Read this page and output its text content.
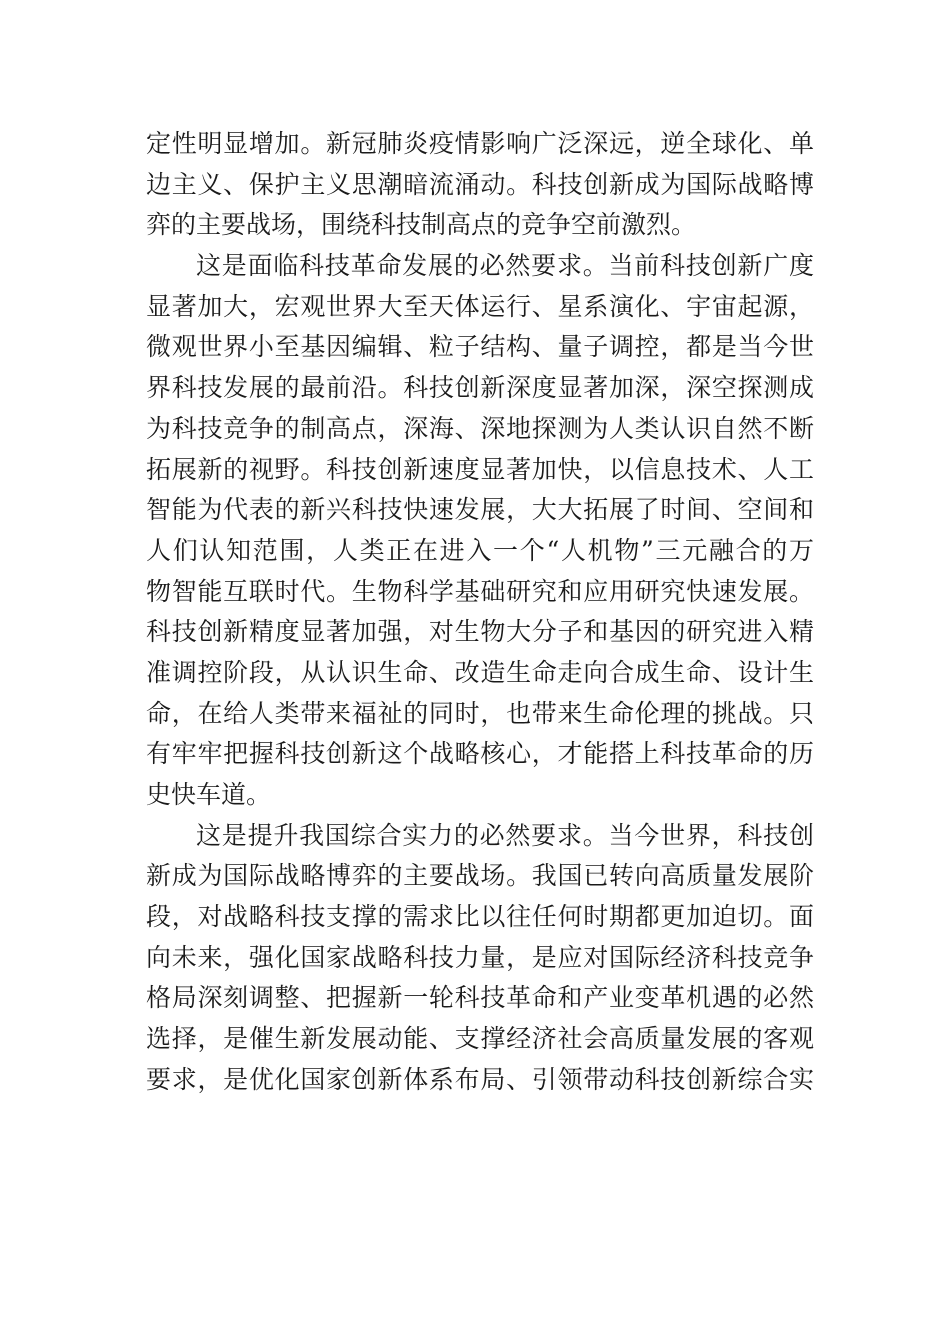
定性明显增加。新冠肺炎疫情影响广泛深远，逆全球化、单
边主义、保护主义思潮暗流涌动。科技创新成为国际战略博
弈的主要战场，围绕科技制高点的竞争空前激烈。
这是面临科技革命发展的必然要求。当前科技创新广度
显著加大，宏观世界大至天体运行、星系演化、宇宙起源，
微观世界小至基因编辑、粒子结构、量子调控，都是当今世
界科技发展的最前沿。科技创新深度显著加深，深空探测成
为科技竞争的制高点，深海、深地探测为人类认识自然不断
拓展新的视野。科技创新速度显著加快，以信息技术、人工
智能为代表的新兴科技快速发展，大大拓展了时间、空间和
人们认知范围，人类正在进入一个“人机物”三元融合的万
物智能互联时代。生物科学基础研究和应用研究快速发展。
科技创新精度显著加强，对生物大分子和基因的研究进入精
准调控阶段，从认识生命、改造生命走向合成生命、设计生
命，在给人类带来福祉的同时，也带来生命伦理的挑战。只
有牢牢把握科技创新这个战略核心，才能搭上科技革命的历
史快车道。
这是提升我国综合实力的必然要求。当今世界，科技创
新成为国际战略博弈的主要战场。我国已转向高质量发展阶
段，对战略科技支撑的需求比以往任何时期都更加迫切。面
向未来，强化国家战略科技力量，是应对国际经济科技竞争
格局深刻调整、把握新一轮科技革命和产业变革机遇的必然
选择，是催生新发展动能、支撑经济社会高质量发展的客观
要求，是优化国家创新体系布局、引领带动科技创新综合实
